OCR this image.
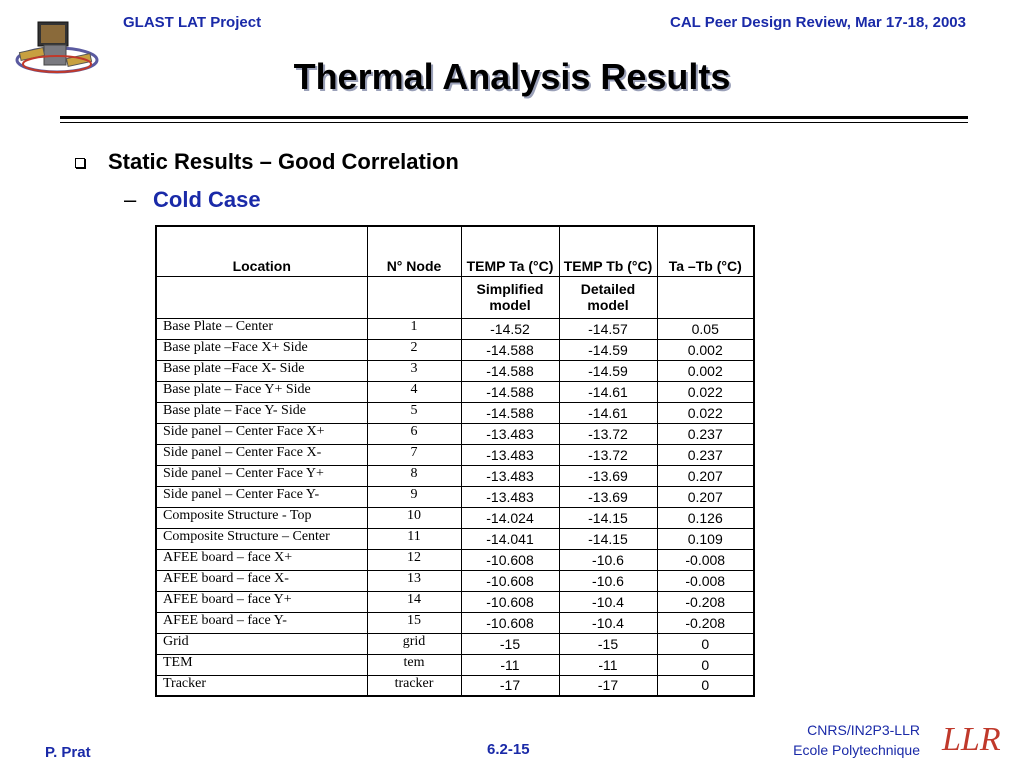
GLAST LAT Project	CAL Peer Design Review, Mar 17-18, 2003
Thermal Analysis Results
Static Results – Good Correlation
– Cold Case
Location	N° Node	TEMP Ta (°C)	TEMP Tb (°C)	Ta –Tb (°C)
		Simplified model	Detailed model	
Base Plate – Center	1	-14.52	-14.57	0.05
Base plate –Face X+ Side	2	-14.588	-14.59	0.002
Base plate –Face X- Side	3	-14.588	-14.59	0.002
Base plate – Face Y+ Side	4	-14.588	-14.61	0.022
Base plate – Face Y- Side	5	-14.588	-14.61	0.022
Side panel – Center Face X+	6	-13.483	-13.72	0.237
Side panel – Center Face X-	7	-13.483	-13.72	0.237
Side panel – Center Face Y+	8	-13.483	-13.69	0.207
Side panel – Center Face Y-	9	-13.483	-13.69	0.207
Composite Structure - Top	10	-14.024	-14.15	0.126
Composite Structure – Center	11	-14.041	-14.15	0.109
AFEE board – face X+	12	-10.608	-10.6	-0.008
AFEE board – face X-	13	-10.608	-10.6	-0.008
AFEE board – face Y+	14	-10.608	-10.4	-0.208
AFEE board – face Y-	15	-10.608	-10.4	-0.208
Grid	grid	-15	-15	0
TEM	tem	-11	-11	0
Tracker	tracker	-17	-17	0
P. Prat	6.2-15
CNRS/IN2P3-LLR
Ecole Polytechnique LLR
